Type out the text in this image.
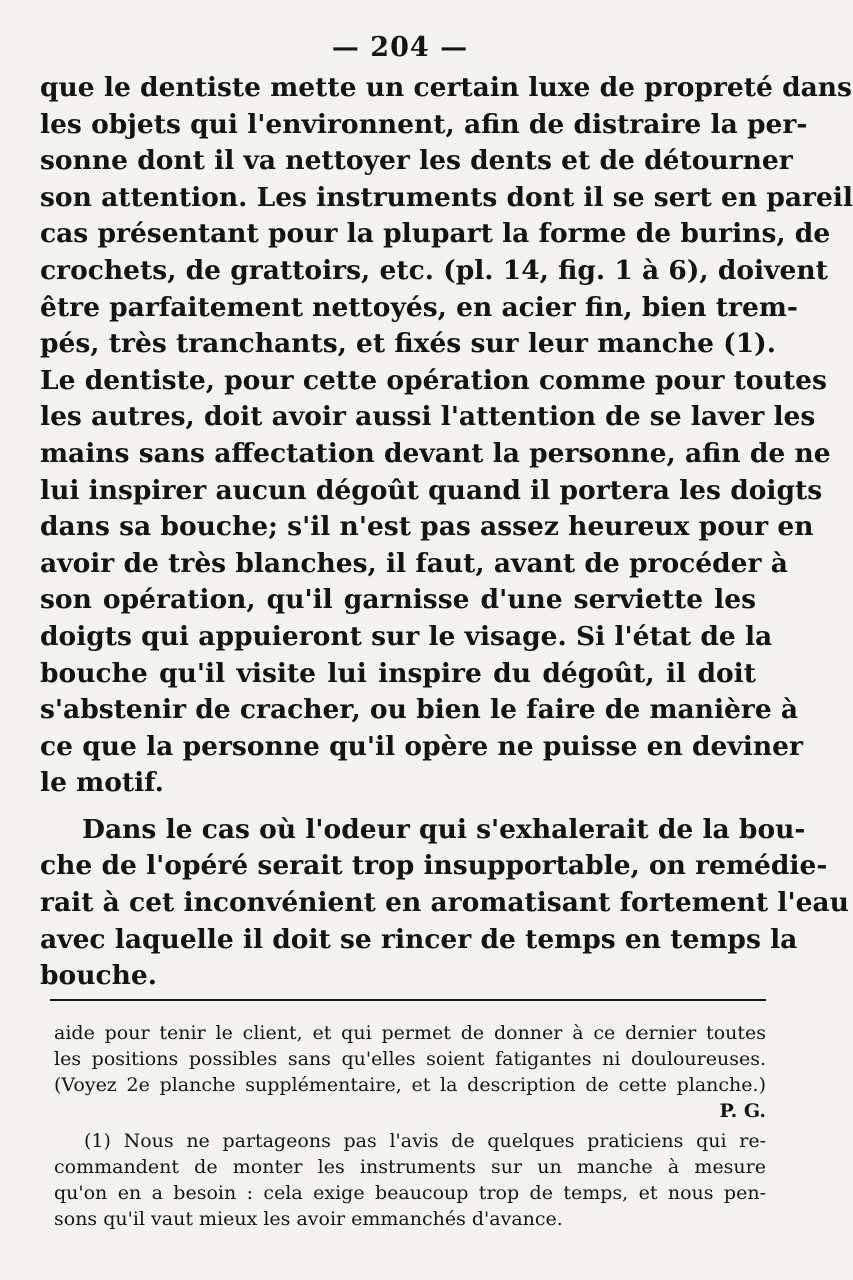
— 204 —
que le dentiste mette un certain luxe de propreté dans
les objets qui l'environnent, afin de distraire la per-
sonne dont il va nettoyer les dents et de détourner
son attention. Les instruments dont il se sert en pareil
cas présentant pour la plupart la forme de burins, de
crochets, de grattoirs, etc. (pl. 14, fig. 1 à 6), doivent
être parfaitement nettoyés, en acier fin, bien trem-
pés, très tranchants, et fixés sur leur manche (1).
Le dentiste, pour cette opération comme pour toutes
les autres, doit avoir aussi l'attention de se laver les
mains sans affectation devant la personne, afin de ne
lui inspirer aucun dégoût quand il portera les doigts
dans sa bouche; s'il n'est pas assez heureux pour en
avoir de très blanches, il faut, avant de procéder à
son opération, qu'il garnisse d'une serviette les
doigts qui appuieront sur le visage. Si l'état de la
bouche qu'il visite lui inspire du dégoût, il doit
s'abstenir de cracher, ou bien le faire de manière à
ce que la personne qu'il opère ne puisse en deviner
le motif.
Dans le cas où l'odeur qui s'exhalerait de la bou-
che de l'opéré serait trop insupportable, on remédie-
rait à cet inconvénient en aromatisant fortement l'eau
avec laquelle il doit se rincer de temps en temps la
bouche.
aide pour tenir le client, et qui permet de donner à ce dernier toutes
les positions possibles sans qu'elles soient fatigantes ni douloureuses.
(Voyez 2e planche supplémentaire, et la description de cette planche.)
P. G.
(1) Nous ne partageons pas l'avis de quelques praticiens qui re-
commandent de monter les instruments sur un manche à mesure
qu'on en a besoin : cela exige beaucoup trop de temps, et nous pen-
sons qu'il vaut mieux les avoir emmanchés d'avance.
